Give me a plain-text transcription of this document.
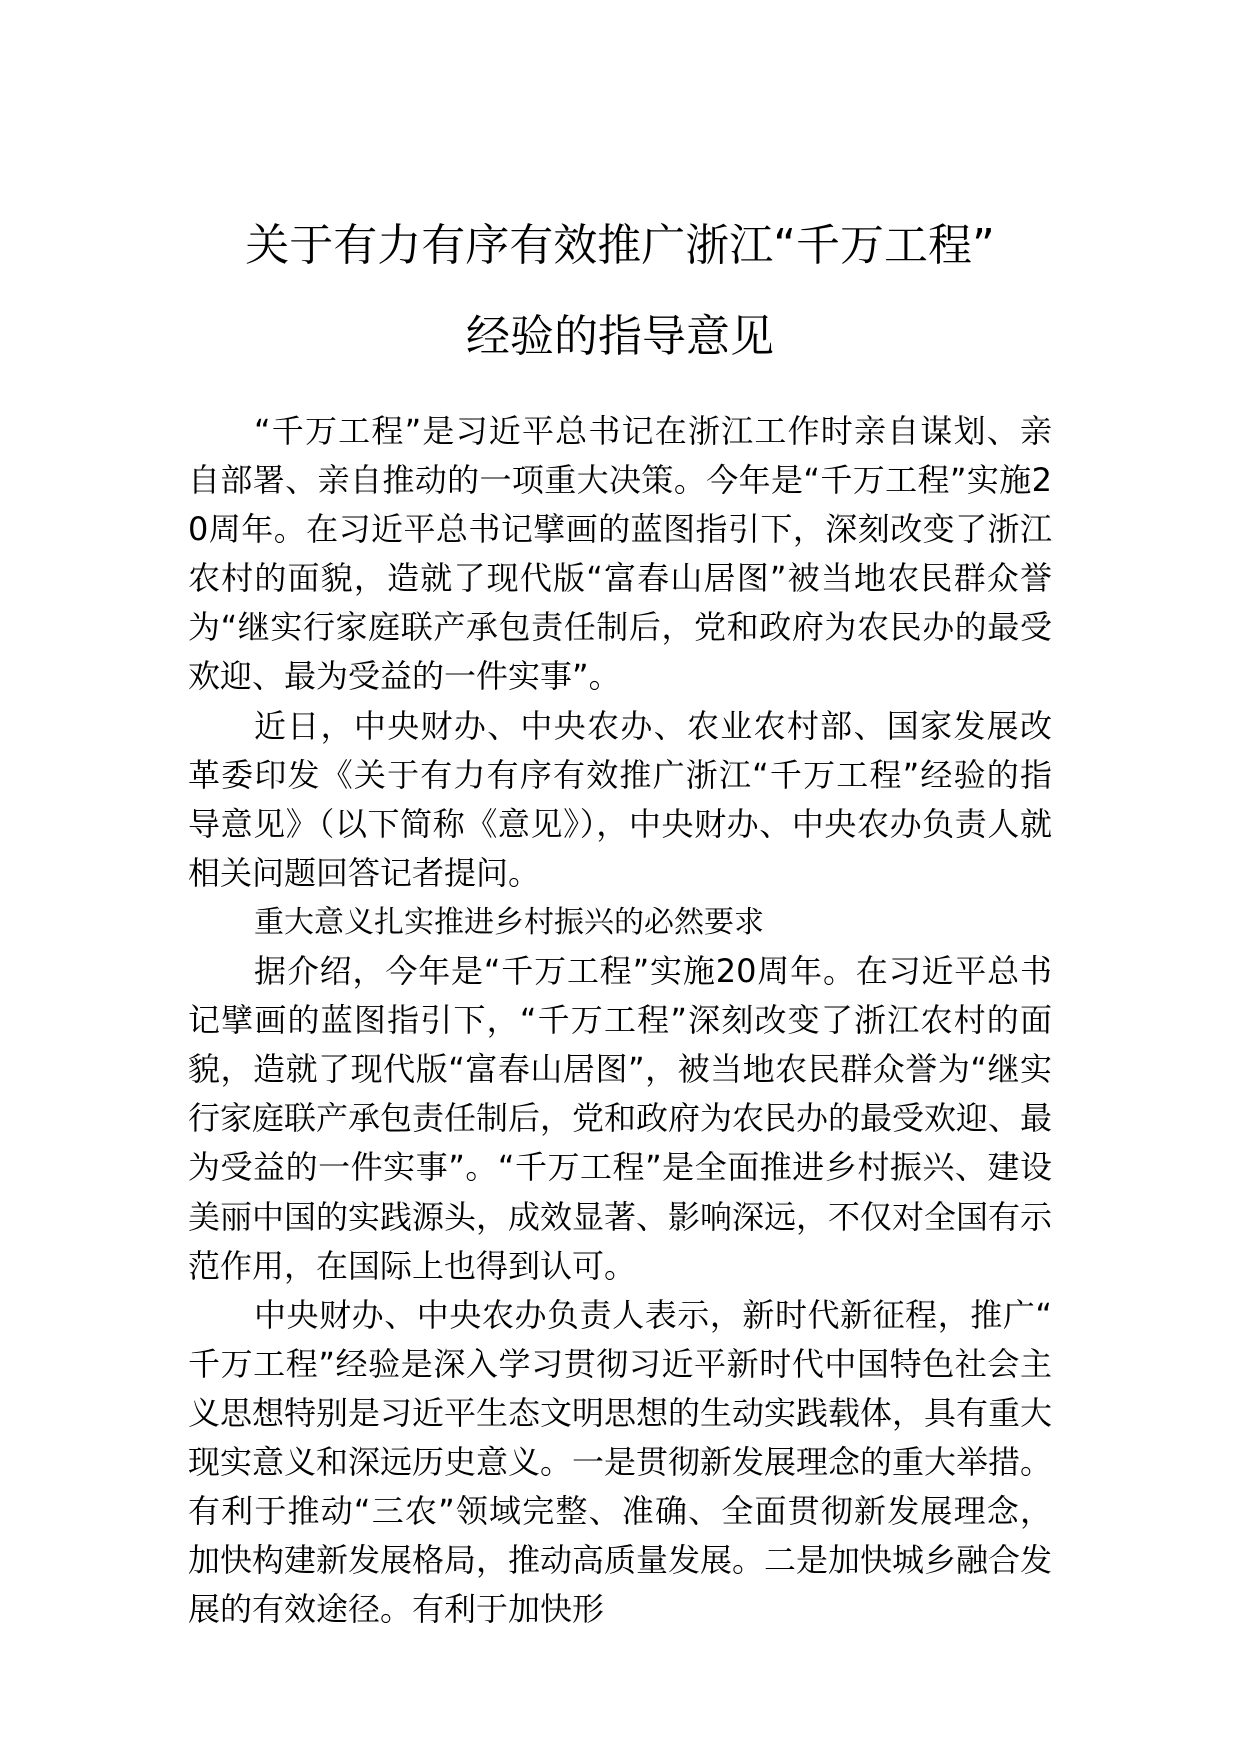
关于有力有序有效推广浙江“千万工程”
经验的指导意见

“千万工程”是习近平总书记在浙江工作时亲自谋划、亲自部署、亲自推动的一项重大决策。今年是“千万工程”实施20周年。在习近平总书记擘画的蓝图指引下，深刻改变了浙江农村的面貌，造就了现代版“富春山居图”被当地农民群众誉为“继实行家庭联产承包责任制后，党和政府为农民办的最受欢迎、最为受益的一件实事”。

近日，中央财办、中央农办、农业农村部、国家发展改革委印发《关于有力有序有效推广浙江“千万工程”经验的指导意见》（以下简称《意见》），中央财办、中央农办负责人就相关问题回答记者提问。

重大意义扎实推进乡村振兴的必然要求

据介绍，今年是“千万工程”实施20周年。在习近平总书记擘画的蓝图指引下，“千万工程”深刻改变了浙江农村的面貌，造就了现代版“富春山居图”，被当地农民群众誉为“继实行家庭联产承包责任制后，党和政府为农民办的最受欢迎、最为受益的一件实事”。“千万工程”是全面推进乡村振兴、建设美丽中国的实践源头，成效显著、影响深远，不仅对全国有示范作用，在国际上也得到认可。

中央财办、中央农办负责人表示，新时代新征程，推广“千万工程”经验是深入学习贯彻习近平新时代中国特色社会主义思想特别是习近平生态文明思想的生动实践载体，具有重大现实意义和深远历史意义。一是贯彻新发展理念的重大举措。有利于推动“三农”领域完整、准确、全面贯彻新发展理念，加快构建新发展格局，推动高质量发展。二是加快城乡融合发展的有效途径。有利于加快形
